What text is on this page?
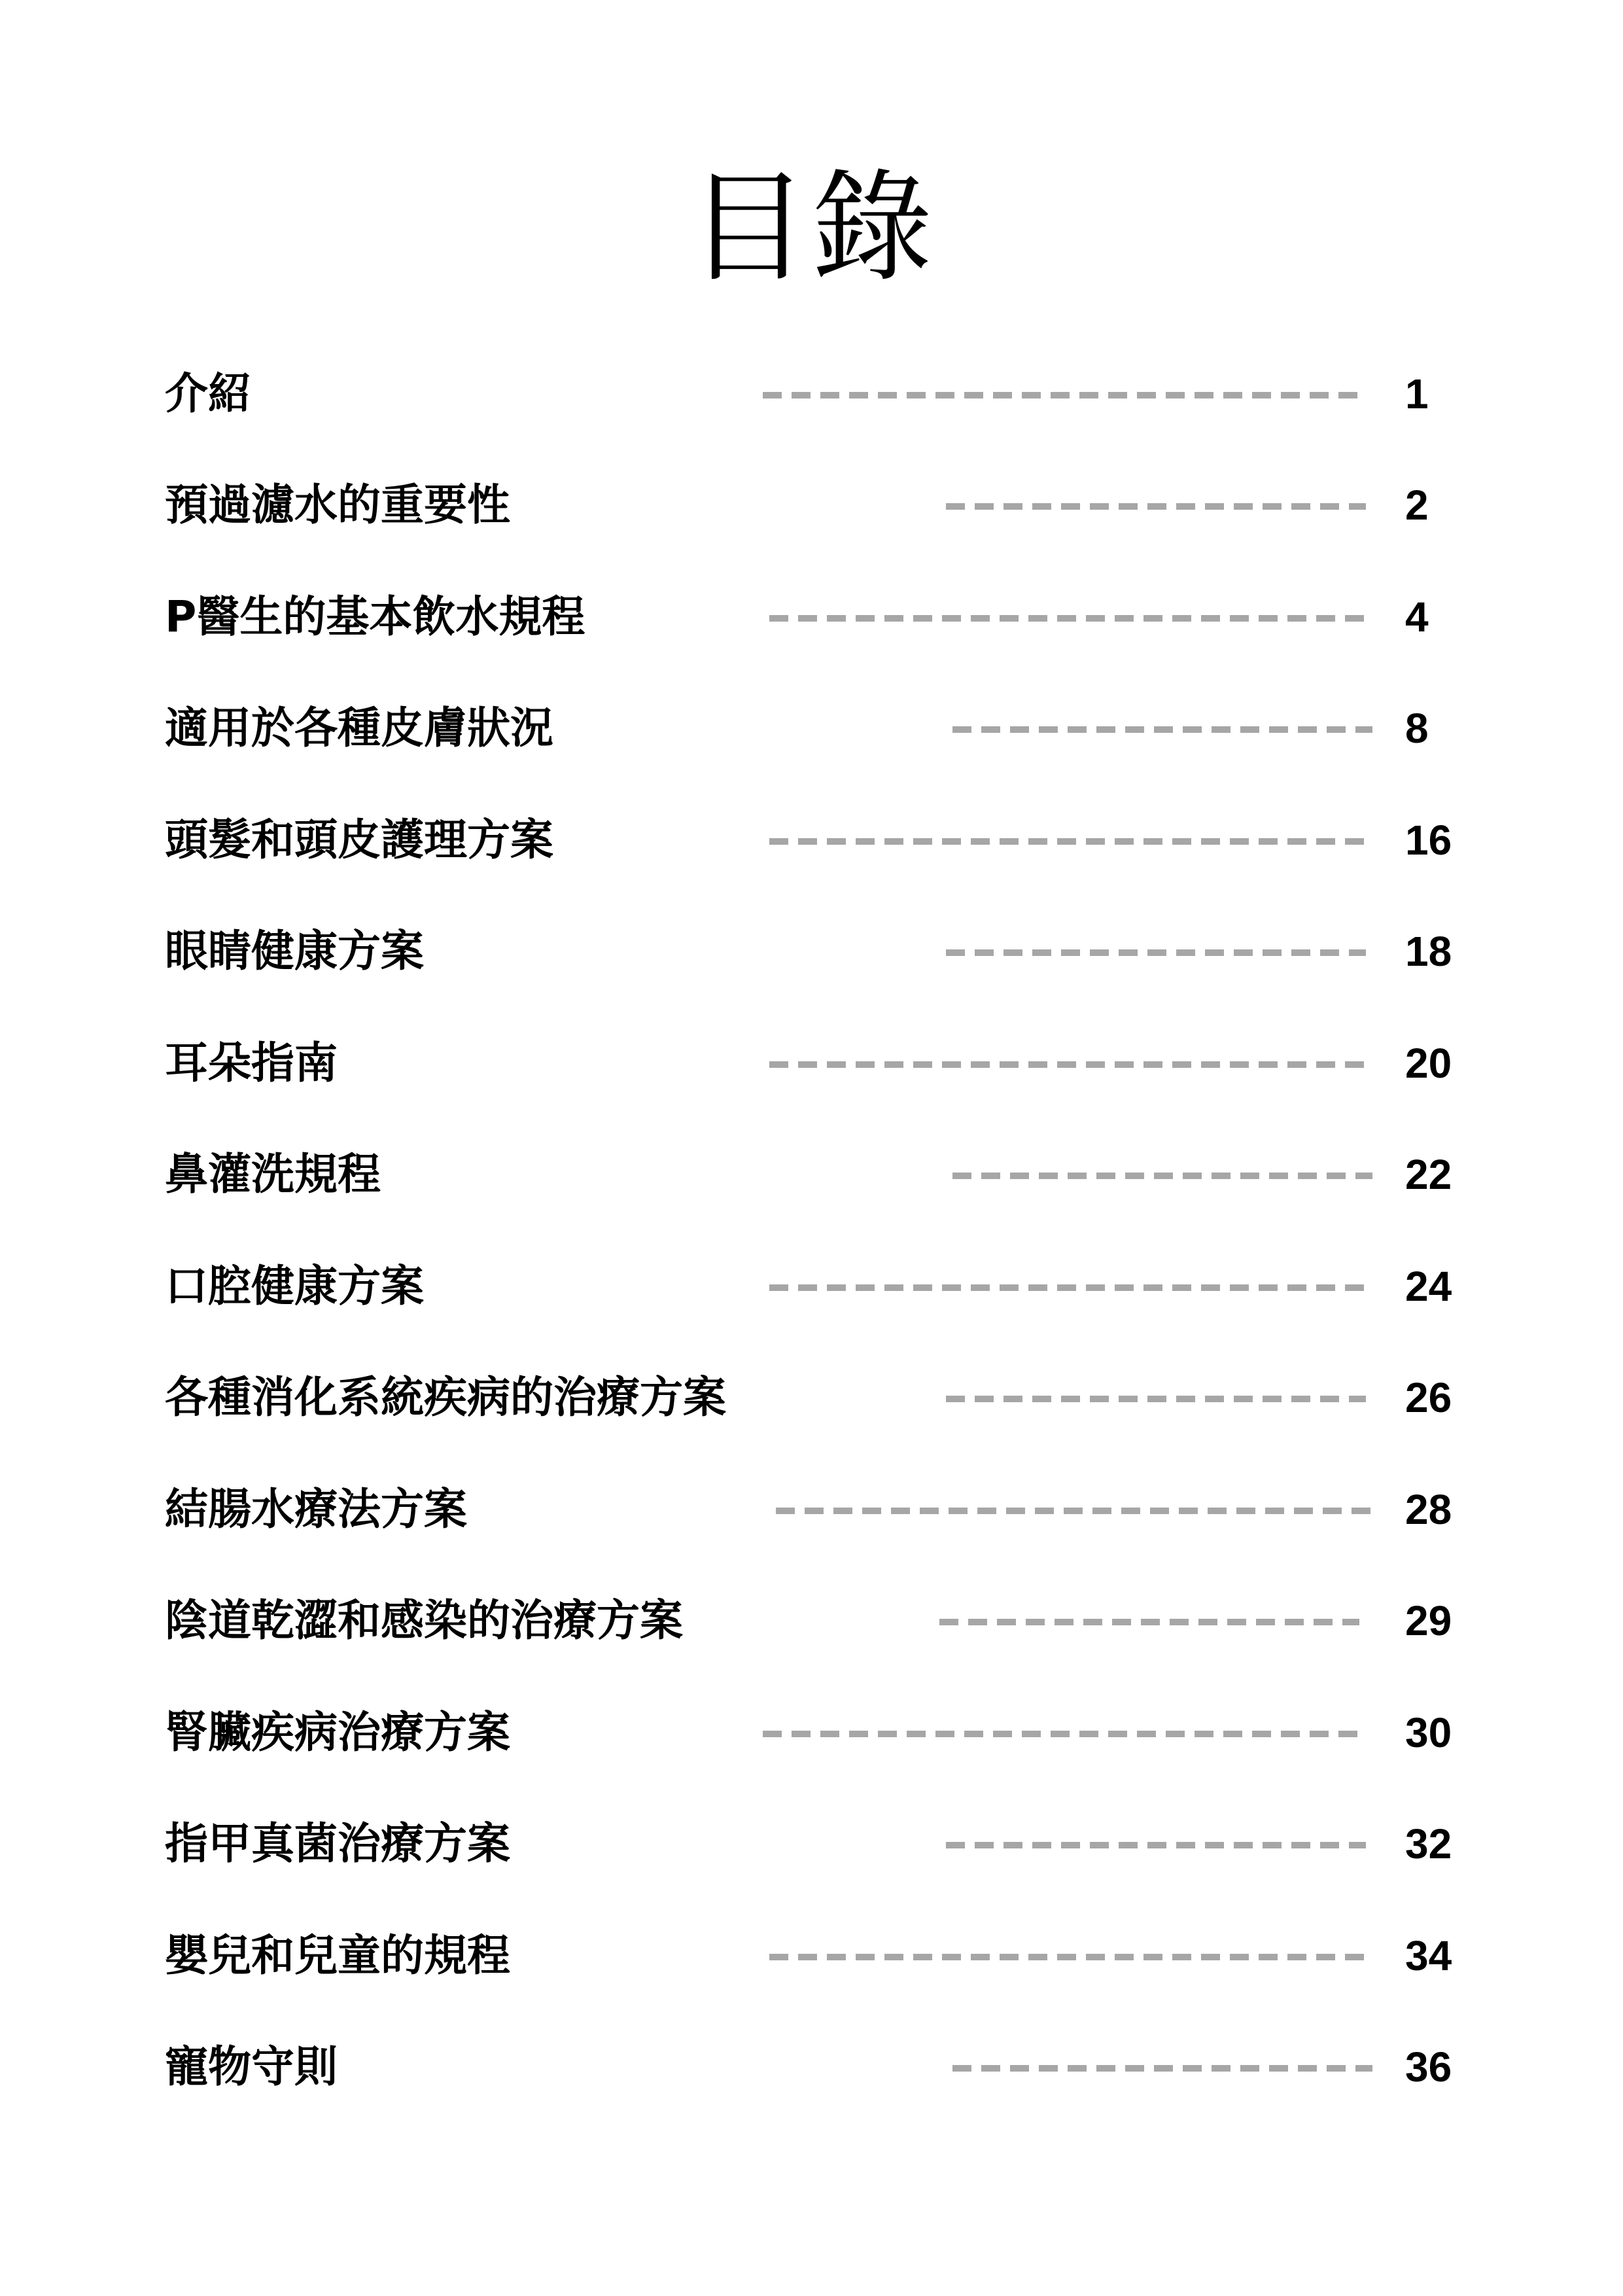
目錄
介紹	1
預過濾水的重要性	2
P醫生的基本飲水規程	4
適用於各種皮膚狀況	8
頭髮和頭皮護理方案	16
眼睛健康方案	18
耳朵指南	20
鼻灌洗規程	22
口腔健康方案	24
各種消化系統疾病的治療方案	26
結腸水療法方案	28
陰道乾澀和感染的治療方案	29
腎臟疾病治療方案	30
指甲真菌治療方案	32
嬰兒和兒童的規程	34
寵物守則	36
